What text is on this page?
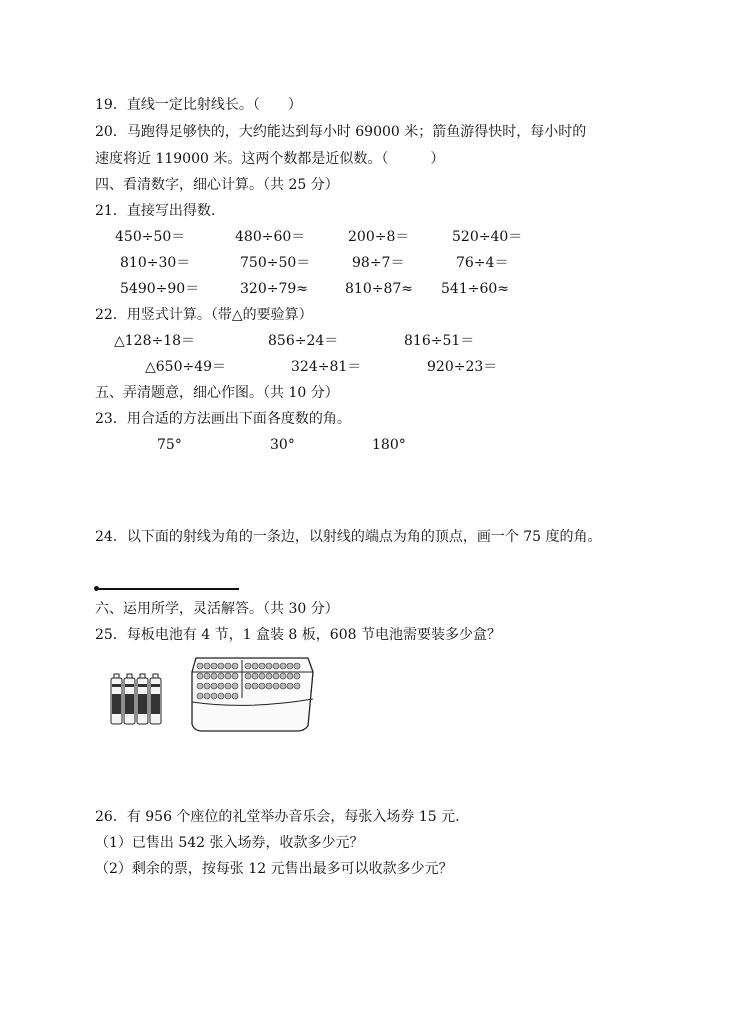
19．直线一定比射线长。（　　）
20．马跑得足够快的，大约能达到每小时 69000 米；箭鱼游得快时，每小时的
速度将近 119000 米。这两个数都是近似数。（　　　）
四、看清数字，细心计算。（共 25 分）
21．直接写出得数.
450÷50＝	480÷60＝	200÷8＝	520÷40＝
810÷30＝	750÷50＝	98÷7＝	76÷4＝
5490÷90＝	320÷79≈	810÷87≈ 541÷60≈
22．用竖式计算。（带△的要验算）
△128÷18＝	856÷24＝	816÷51＝
△650÷49＝	324÷81＝	920÷23＝
五、弄清题意，细心作图。（共 10 分）
23．用合适的方法画出下面各度数的角。
75°	30°	180°
24．以下面的射线为角的一条边，以射线的端点为角的顶点，画一个 75 度的角。
六、运用所学，灵活解答。（共 30 分）
25．每板电池有 4 节，1 盒装 8 板，608 节电池需要装多少盒？
26．有 956 个座位的礼堂举办音乐会，每张入场券 15 元.
（1）已售出 542 张入场券，收款多少元？
（2）剩余的票，按每张 12 元售出最多可以收款多少元？
